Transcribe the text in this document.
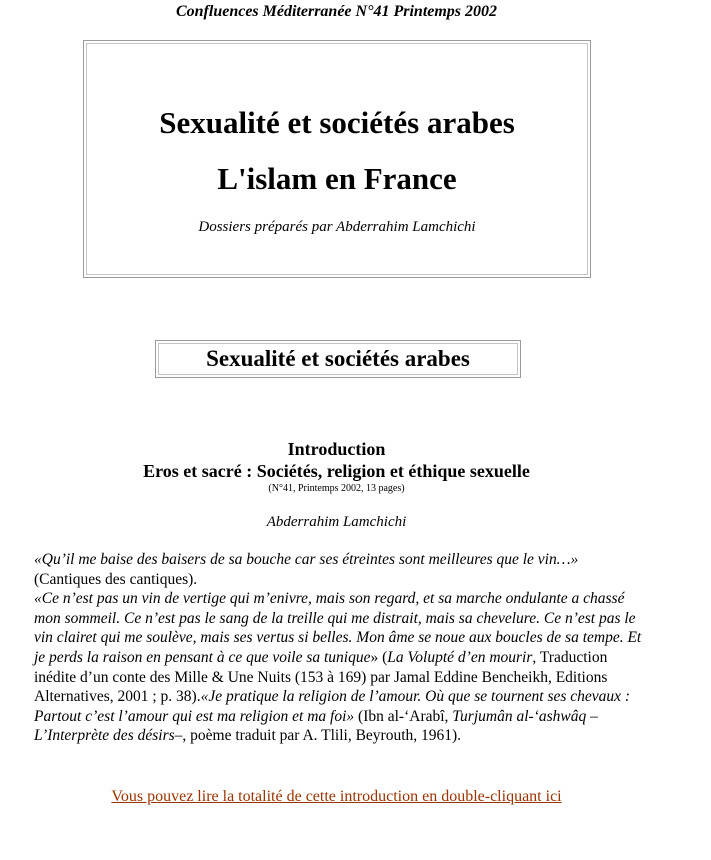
Confluences Méditerranée N°41 Printemps 2002
Sexualité et sociétés arabes
L'islam en France
Dossiers préparés par Abderrahim Lamchichi
Sexualité et sociétés arabes
Introduction
Eros et sacré : Sociétés, religion et éthique sexuelle
(N°41, Printemps 2002, 13 pages)
Abderrahim Lamchichi

«Qu’il me baise des baisers de sa bouche car ses étreintes sont meilleures que le vin…» (Cantiques des cantiques).
«Ce n’est pas un vin de vertige qui m’enivre, mais son regard, et sa marche ondulante a chassé mon sommeil. Ce n’est pas le sang de la treille qui me distrait, mais sa chevelure. Ce n’est pas le vin clairet qui me soulève, mais ses vertus si belles. Mon âme se noue aux boucles de sa tempe. Et je perds la raison en pensant à ce que voile sa tunique» (La Volupté d’en mourir, Traduction inédite d’un conte des Mille & Une Nuits (153 à 169) par Jamal Eddine Bencheikh, Editions Alternatives, 2001 ; p. 38).«Je pratique la religion de l’amour. Où que se tournent ses chevaux : Partout c’est l’amour qui est ma religion et ma foi» (Ibn al-‘Arabî, Turjumân al-‘ashwâq –L’Interprète des désirs–, poème traduit par A. Tlili, Beyrouth, 1961).

Vous pouvez lire la totalité de cette introduction en double-cliquant ici
